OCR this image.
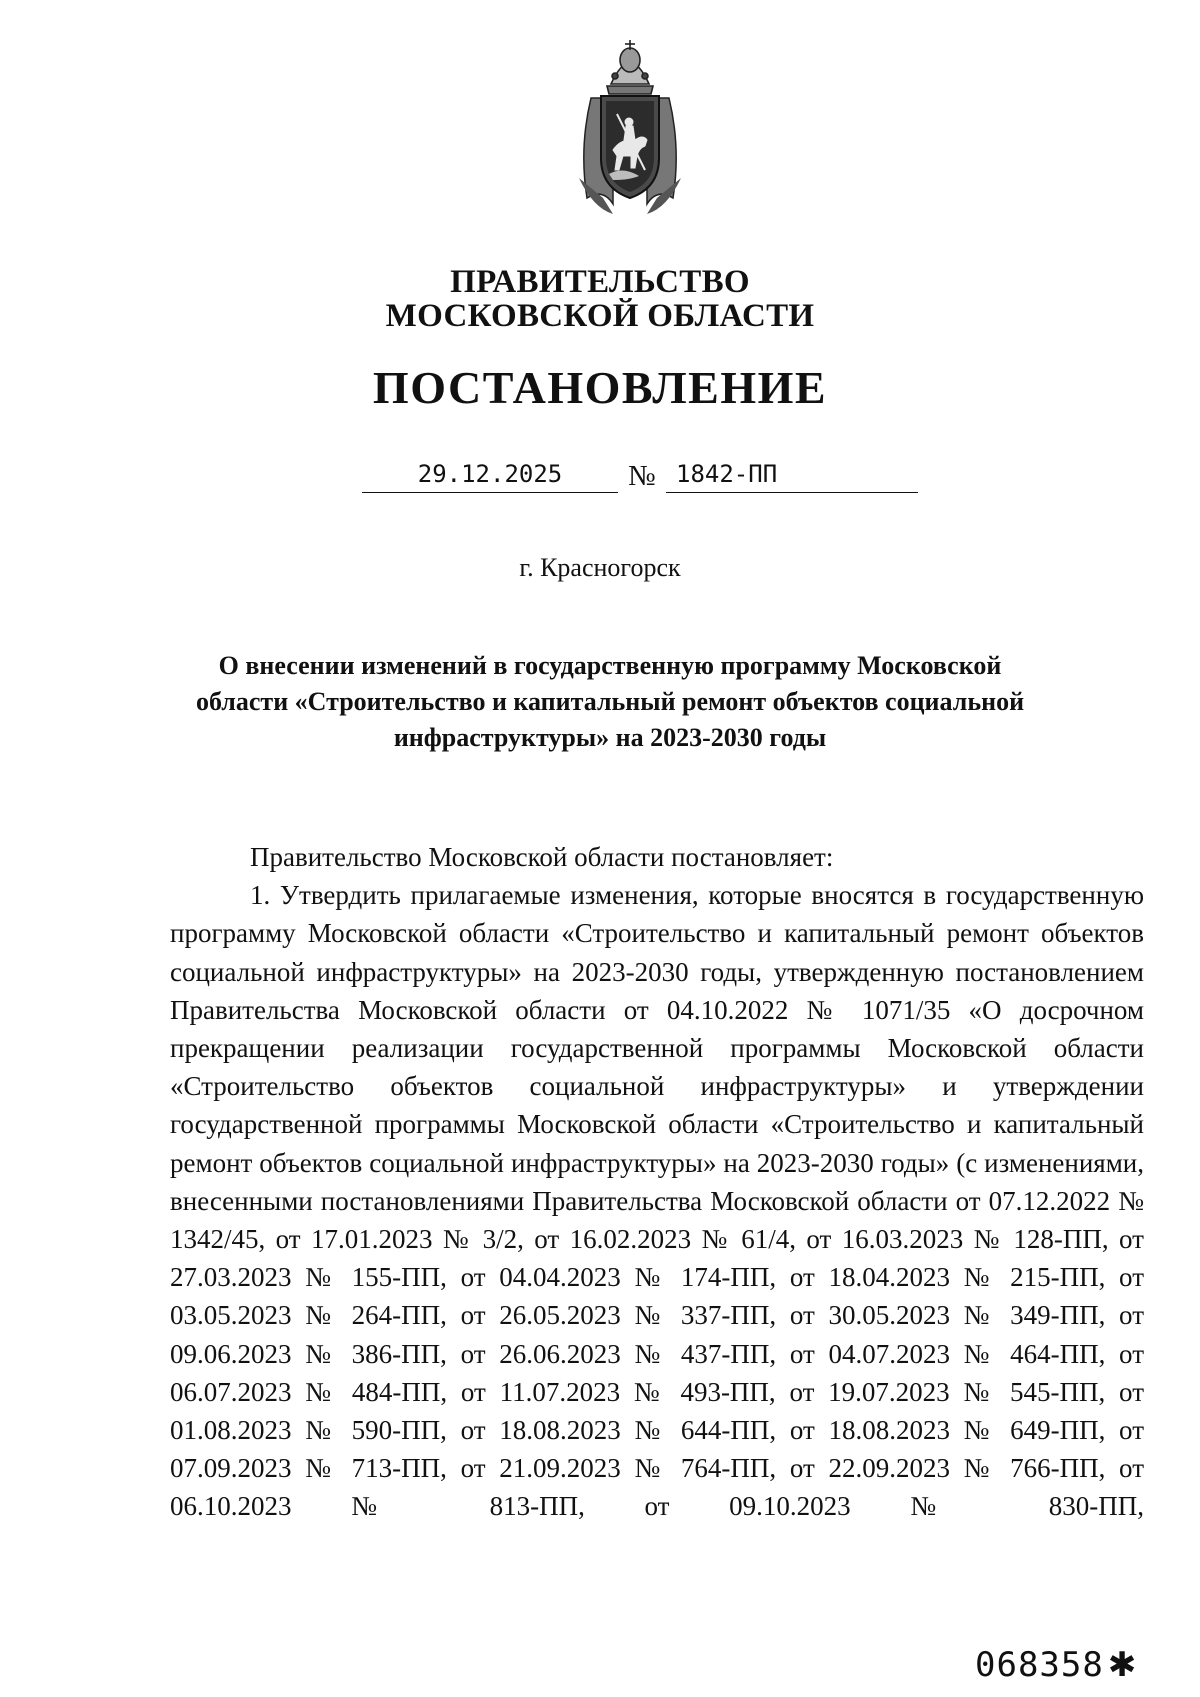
ПРАВИТЕЛЬСТВО
МОСКОВСКОЙ ОБЛАСТИ
ПОСТАНОВЛЕНИЕ
29.12.2025	№ 1842-ПП
г. Красногорск
О внесении изменений в государственную программу Московской области «Строительство и капитальный ремонт объектов социальной инфраструктуры» на 2023-2030 годы

Правительство Московской области постановляет:

1. Утвердить прилагаемые изменения, которые вносятся в государственную программу Московской области «Строительство и капитальный ремонт объектов социальной инфраструктуры» на 2023-2030 годы, утвержденную постановлением Правительства Московской области от 04.10.2022 № 1071/35 «О досрочном прекращении реализации государственной программы Московской области «Строительство объектов социальной инфраструктуры» и утверждении государственной программы Московской области «Строительство и капитальный ремонт объектов социальной инфраструктуры» на 2023-2030 годы» (с изменениями, внесенными постановлениями Правительства Московской области от 07.12.2022 № 1342/45, от 17.01.2023 № 3/2, от 16.02.2023 № 61/4, от 16.03.2023 № 128-ПП, от 27.03.2023 № 155-ПП, от 04.04.2023 № 174-ПП, от 18.04.2023 № 215-ПП, от 03.05.2023 № 264-ПП, от 26.05.2023 № 337-ПП, от 30.05.2023 № 349-ПП, от 09.06.2023 № 386-ПП, от 26.06.2023 № 437-ПП, от 04.07.2023 № 464-ПП, от 06.07.2023 № 484-ПП, от 11.07.2023 № 493-ПП, от 19.07.2023 № 545-ПП, от 01.08.2023 № 590-ПП, от 18.08.2023 № 644-ПП, от 18.08.2023 № 649-ПП, от 07.09.2023 № 713-ПП, от 21.09.2023 № 764-ПП, от 22.09.2023 № 766-ПП, от 06.10.2023 № 813-ПП, от 09.10.2023 № 830-ПП,

068358 ✱
